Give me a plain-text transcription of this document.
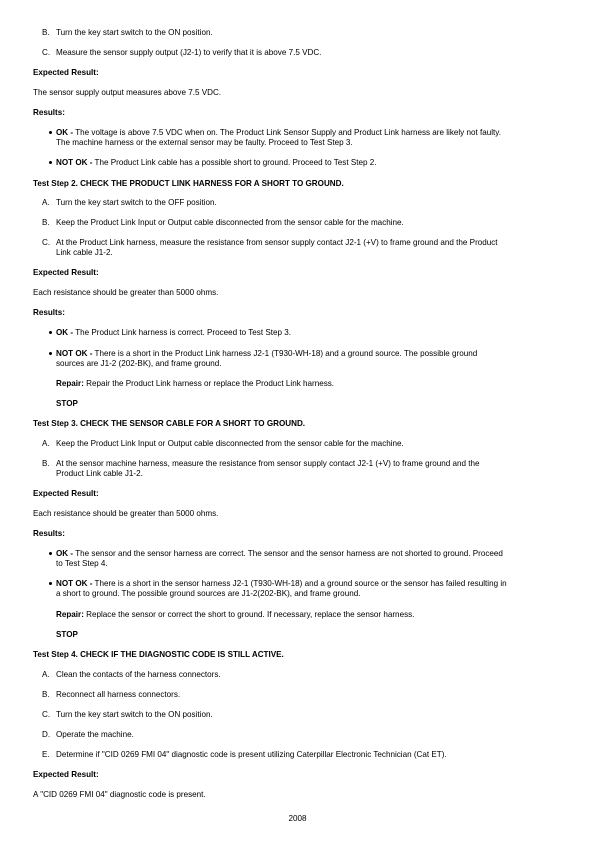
B. Turn the key start switch to the ON position.
C. Measure the sensor supply output (J2-1) to verify that it is above 7.5 VDC.
Expected Result:
The sensor supply output measures above 7.5 VDC.
Results:
OK - The voltage is above 7.5 VDC when on. The Product Link Sensor Supply and Product Link harness are likely not faulty.
The machine harness or the external sensor may be faulty. Proceed to Test Step 3.
NOT OK - The Product Link cable has a possible short to ground. Proceed to Test Step 2.
Test Step 2. CHECK THE PRODUCT LINK HARNESS FOR A SHORT TO GROUND.
A. Turn the key start switch to the OFF position.
B. Keep the Product Link Input or Output cable disconnected from the sensor cable for the machine.
C. At the Product Link harness, measure the resistance from sensor supply contact J2-1 (+V) to frame ground and the Product
Link cable J1-2.
Expected Result:
Each resistance should be greater than 5000 ohms.
Results:
OK - The Product Link harness is correct. Proceed to Test Step 3.
NOT OK - There is a short in the Product Link harness J2-1 (T930-WH-18) and a ground source. The possible ground
sources are J1-2 (202-BK), and frame ground.
Repair: Repair the Product Link harness or replace the Product Link harness.
STOP
Test Step 3. CHECK THE SENSOR CABLE FOR A SHORT TO GROUND.
A. Keep the Product Link Input or Output cable disconnected from the sensor cable for the machine.
B. At the sensor machine harness, measure the resistance from sensor supply contact J2-1 (+V) to frame ground and the
Product Link cable J1-2.
Expected Result:
Each resistance should be greater than 5000 ohms.
Results:
OK - The sensor and the sensor harness are correct. The sensor and the sensor harness are not shorted to ground. Proceed
to Test Step 4.
NOT OK - There is a short in the sensor harness J2-1 (T930-WH-18) and a ground source or the sensor has failed resulting in
a short to ground. The possible ground sources are J1-2(202-BK), and frame ground.
Repair: Replace the sensor or correct the short to ground. If necessary, replace the sensor harness.
STOP
Test Step 4. CHECK IF THE DIAGNOSTIC CODE IS STILL ACTIVE.
A. Clean the contacts of the harness connectors.
B. Reconnect all harness connectors.
C. Turn the key start switch to the ON position.
D. Operate the machine.
E. Determine if "CID 0269 FMI 04" diagnostic code is present utilizing Caterpillar Electronic Technician (Cat ET).
Expected Result:
A "CID 0269 FMI 04" diagnostic code is present.
2008
